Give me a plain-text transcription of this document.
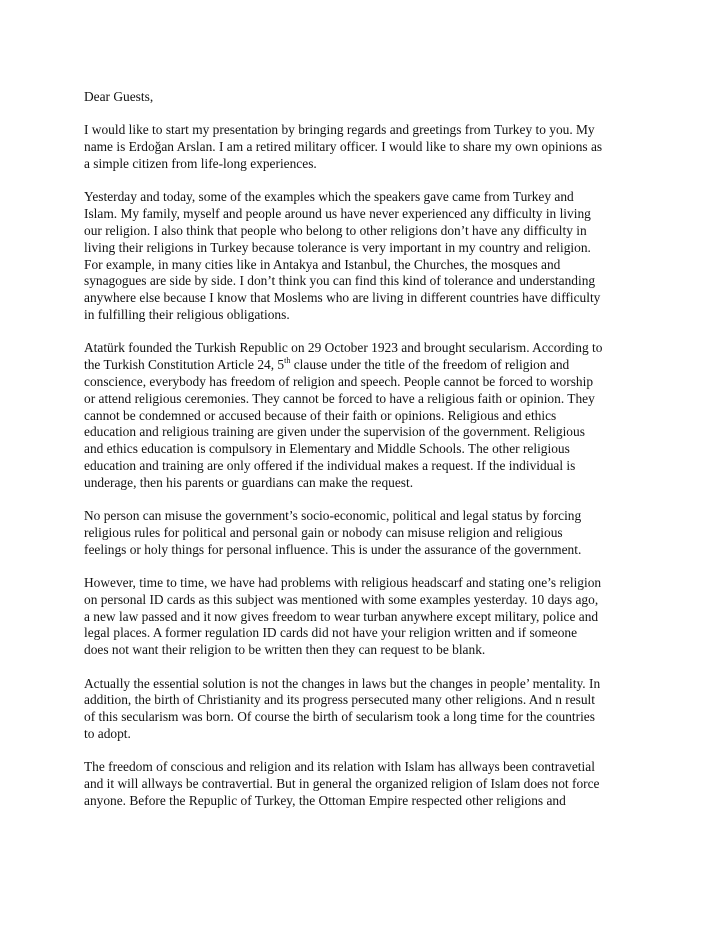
Dear Guests,

I would like to start my presentation by bringing regards and greetings from Turkey to you. My
name is Erdoğan Arslan. I am a retired military officer. I would like to share my own opinions as
a simple citizen from life-long experiences.

Yesterday and today, some of the examples which the speakers gave came from Turkey and
Islam. My family, myself and people around us have never experienced any difficulty in living
our religion. I also think that people who belong to other religions don’t have any difficulty in
living their religions in Turkey because tolerance is very important in my country and religion.
For example, in many cities like in Antakya and Istanbul, the Churches, the mosques and
synagogues are side by side. I don’t think you can find this kind of tolerance and understanding
anywhere else because I know that Moslems who are living in different countries have difficulty
in fulfilling their religious obligations.

Atatürk founded the Turkish Republic on 29 October 1923 and brought secularism. According to
the Turkish Constitution Article 24, 5th clause under the title of the freedom of religion and
conscience, everybody has freedom of religion and speech. People cannot be forced to worship
or attend religious ceremonies. They cannot be forced to have a religious faith or opinion. They
cannot be condemned or accused because of their faith or opinions. Religious and ethics
education and religious training are given under the supervision of the government. Religious
and ethics education is compulsory in Elementary and Middle Schools. The other religious
education and training are only offered if the individual makes a request. If the individual is
underage, then his parents or guardians can make the request.

No person can misuse the government’s socio-economic, political and legal status by forcing
religious rules for political and personal gain or nobody can misuse religion and religious
feelings or holy things for personal influence. This is under the assurance of the government.

However, time to time, we have had problems with religious headscarf and stating one’s religion
on personal ID cards as this subject was mentioned with some examples yesterday. 10 days ago,
a new law passed and it now gives freedom to wear turban anywhere except military, police and
legal places. A former regulation ID cards did not have your religion written and if someone
does not want their religion to be written then they can request to be blank.

Actually the essential solution is not the changes in laws but the changes in people’ mentality. In
addition, the birth of Christianity and its progress persecuted many other religions. And n result
of this secularism was born. Of course the birth of secularism took a long time for the countries
to adopt.

The freedom of conscious and religion and its relation with Islam has allways been contravetial
and it will allways be contravertial. But in general the organized religion of Islam does not force
anyone. Before the Repuplic of Turkey, the Ottoman Empire respected other religions and
